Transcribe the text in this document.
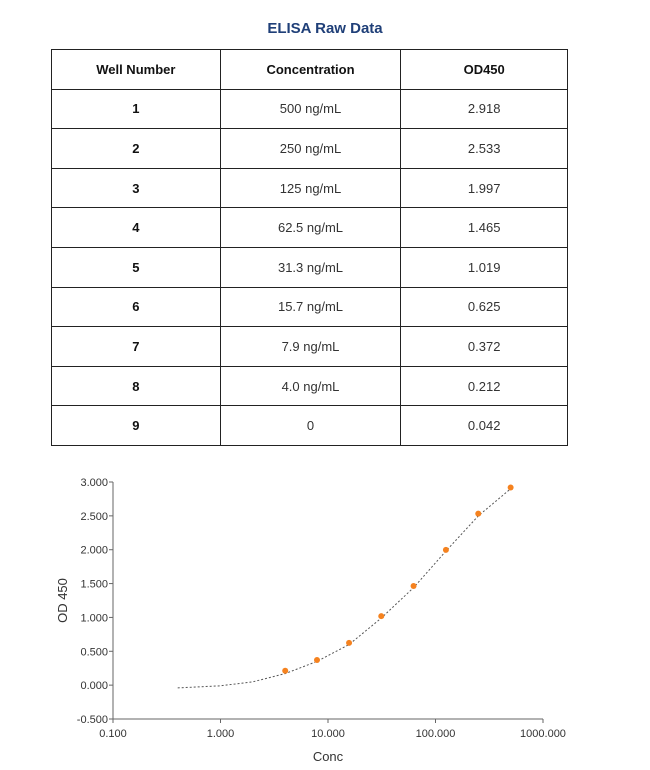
ELISA Raw Data
Well Number	Concentration	OD450
1	500 ng/mL	2.918
2	250 ng/mL	2.533
3	125 ng/mL	1.997
4	62.5 ng/mL	1.465
5	31.3 ng/mL	1.019
6	15.7 ng/mL	0.625
7	7.9 ng/mL	0.372
8	4.0 ng/mL	0.212
9	0	0.042
-0.500
0.000
0.500
1.000
1.500
2.000
2.500
3.000
0.100	1.000	10.000	100.000	1000.000
Conc
OD 450
